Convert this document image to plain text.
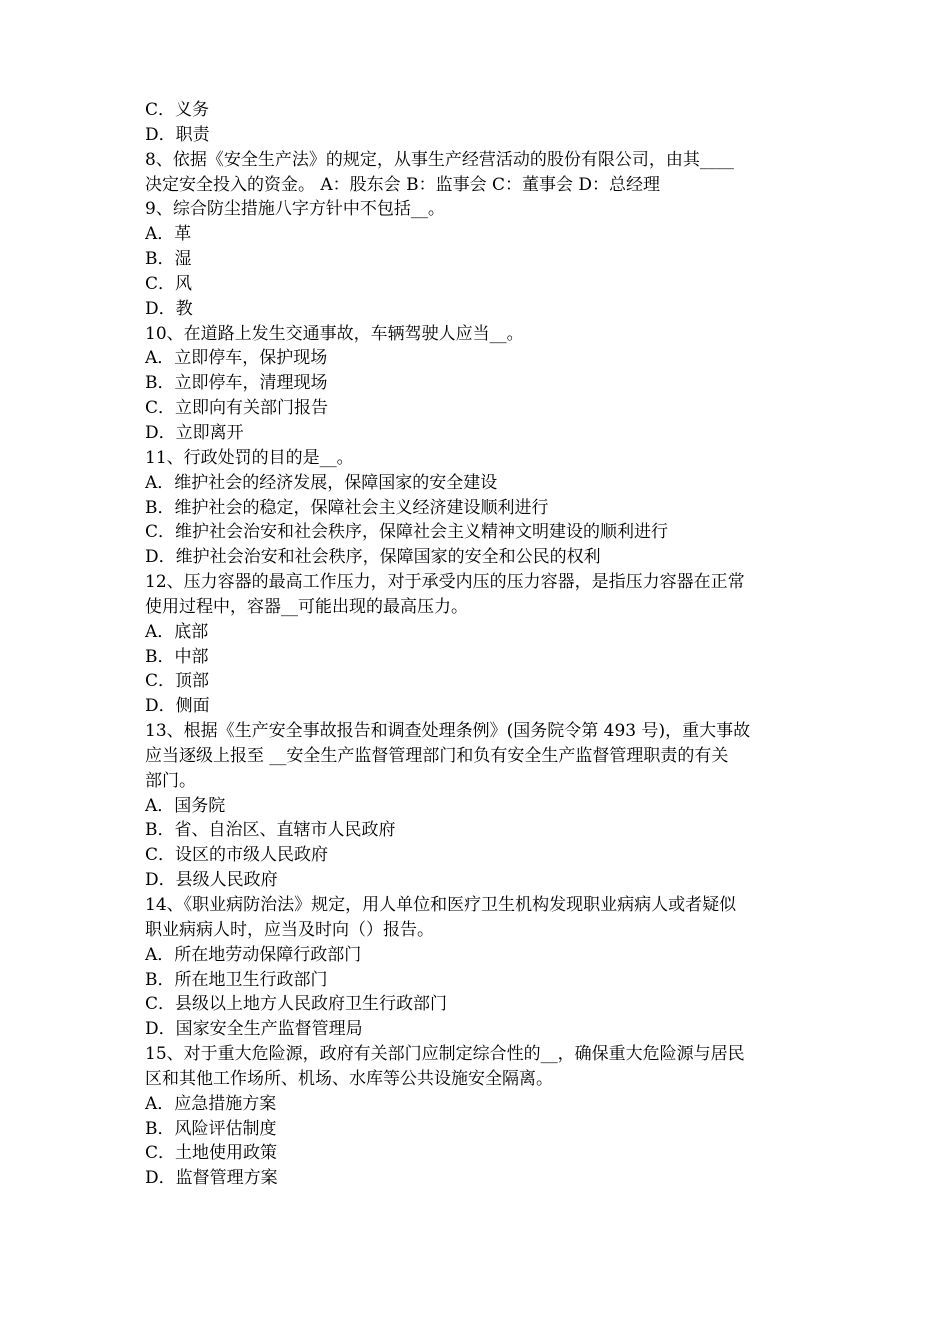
C．义务
D．职责
8、依据《安全生产法》的规定，从事生产经营活动的股份有限公司，由其____
决定安全投入的资金。 A：股东会 B：监事会 C：董事会 D：总经理
9、综合防尘措施八字方针中不包括__。
A．革
B．湿
C．风
D．教
10、在道路上发生交通事故，车辆驾驶人应当__。
A．立即停车，保护现场
B．立即停车，清理现场
C．立即向有关部门报告
D．立即离开
11、行政处罚的目的是__。
A．维护社会的经济发展，保障国家的安全建设
B．维护社会的稳定，保障社会主义经济建设顺利进行
C．维护社会治安和社会秩序，保障社会主义精神文明建设的顺利进行
D．维护社会治安和社会秩序，保障国家的安全和公民的权利
12、压力容器的最高工作压力，对于承受内压的压力容器，是指压力容器在正常
使用过程中，容器__可能出现的最高压力。
A．底部
B．中部
C．顶部
D．侧面
13、根据《生产安全事故报告和调查处理条例》(国务院令第 493 号)，重大事故
应当逐级上报至 __安全生产监督管理部门和负有安全生产监督管理职责的有关
部门。
A．国务院
B．省、自治区、直辖市人民政府
C．设区的市级人民政府
D．县级人民政府
14、《职业病防治法》规定，用人单位和医疗卫生机构发现职业病病人或者疑似
职业病病人时，应当及时向（）报告。
A．所在地劳动保障行政部门
B．所在地卫生行政部门
C．县级以上地方人民政府卫生行政部门
D．国家安全生产监督管理局
15、对于重大危险源，政府有关部门应制定综合性的__，确保重大危险源与居民
区和其他工作场所、机场、水库等公共设施安全隔离。
A．应急措施方案
B．风险评估制度
C．土地使用政策
D．监督管理方案
